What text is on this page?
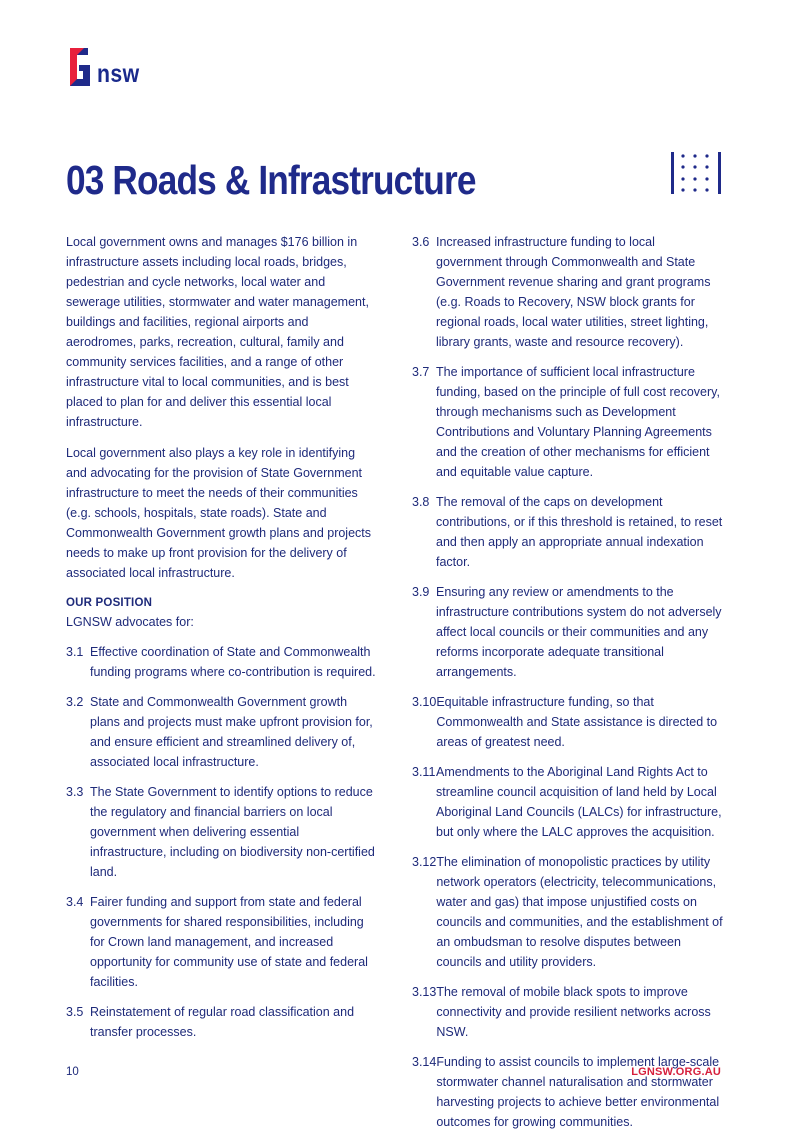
nsw
03 Roads & Infrastructure

Local government owns and manages $176 billion in infrastructure assets including local roads, bridges, pedestrian and cycle networks, local water and sewerage utilities, stormwater and water management, buildings and facilities, regional airports and aerodromes, parks, recreation, cultural, family and community services facilities, and a range of other infrastructure vital to local communities, and is best placed to plan for and deliver this essential local infrastructure.

Local government also plays a key role in identifying and advocating for the provision of State Government infrastructure to meet the needs of their communities (e.g. schools, hospitals, state roads). State and Commonwealth Government growth plans and projects needs to make up front provision for the delivery of associated local infrastructure.

OUR POSITION
LGNSW advocates for:
3.1 Effective coordination of State and Commonwealth funding programs where co-contribution is required.
3.2 State and Commonwealth Government growth plans and projects must make upfront provision for, and ensure efficient and streamlined delivery of, associated local infrastructure.
3.3 The State Government to identify options to reduce the regulatory and financial barriers on local government when delivering essential infrastructure, including on biodiversity non-certified land.
3.4 Fairer funding and support from state and federal governments for shared responsibilities, including for Crown land management, and increased opportunity for community use of state and federal facilities.
3.5 Reinstatement of regular road classification and transfer processes.
3.6 Increased infrastructure funding to local government through Commonwealth and State Government revenue sharing and grant programs (e.g. Roads to Recovery, NSW block grants for regional roads, local water utilities, street lighting, library grants, waste and resource recovery).
3.7 The importance of sufficient local infrastructure funding, based on the principle of full cost recovery, through mechanisms such as Development Contributions and Voluntary Planning Agreements and the creation of other mechanisms for efficient and equitable value capture.
3.8 The removal of the caps on development contributions, or if this threshold is retained, to reset and then apply an appropriate annual indexation factor.
3.9 Ensuring any review or amendments to the infrastructure contributions system do not adversely affect local councils or their communities and any reforms incorporate adequate transitional arrangements.
3.10 Equitable infrastructure funding, so that Commonwealth and State assistance is directed to areas of greatest need.
3.11 Amendments to the Aboriginal Land Rights Act to streamline council acquisition of land held by Local Aboriginal Land Councils (LALCs) for infrastructure, but only where the LALC approves the acquisition.
3.12 The elimination of monopolistic practices by utility network operators (electricity, telecommunications, water and gas) that impose unjustified costs on councils and communities, and the establishment of an ombudsman to resolve disputes between councils and utility providers.
3.13 The removal of mobile black spots to improve connectivity and provide resilient networks across NSW.
3.14 Funding to assist councils to implement large-scale stormwater channel naturalisation and stormwater harvesting projects to achieve better environmental outcomes for growing communities.
10	LGNSW.ORG.AU
